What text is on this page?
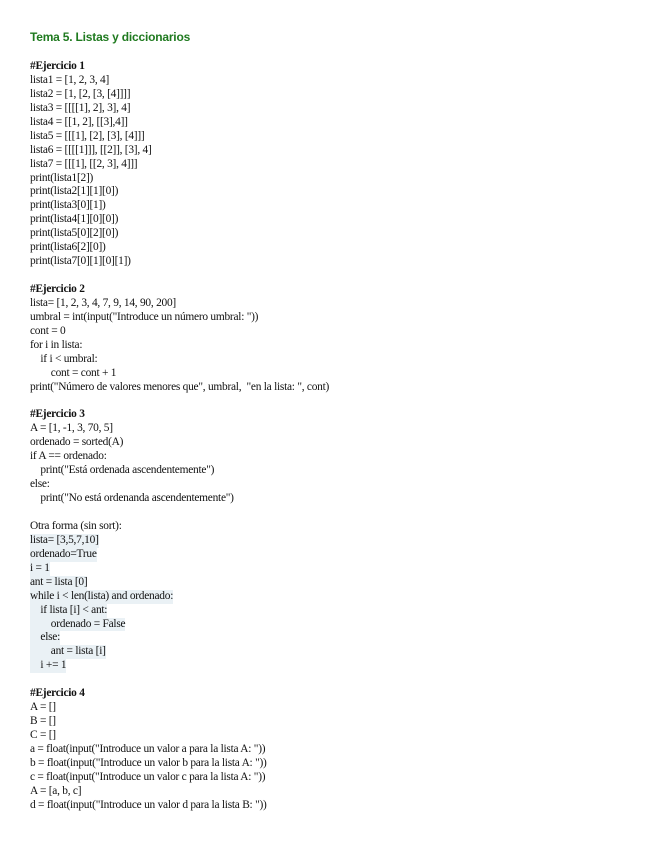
Tema 5. Listas y diccionarios
#Ejercicio 1
lista1 = [1, 2, 3, 4]
lista2 = [1, [2, [3, [4]]]]
lista3 = [[[[1], 2], 3], 4]
lista4 = [[1, 2], [[3],4]]
lista5 = [[[1], [2], [3], [4]]]
lista6 = [[[[1]]], [[2]], [3], 4]
lista7 = [[[1], [[2, 3], 4]]]
print(lista1[2])
print(lista2[1][1][0])
print(lista3[0][1])
print(lista4[1][0][0])
print(lista5[0][2][0])
print(lista6[2][0])
print(lista7[0][1][0][1])
#Ejercicio 2
lista= [1, 2, 3, 4, 7, 9, 14, 90, 200]
umbral = int(input("Introduce un número umbral: "))
cont = 0
for i in lista:
if i < umbral:
cont = cont + 1
print("Número de valores menores que", umbral,  "en la lista: ", cont)
#Ejercicio 3
A = [1, -1, 3, 70, 5]
ordenado = sorted(A)
if A == ordenado:
print("Está ordenada ascendentemente")
else:
print("No está ordenanda ascendentemente")
Otra forma (sin sort):
lista= [3,5,7,10]
ordenado=True
i = 1
ant = lista [0]
while i < len(lista) and ordenado:
if lista [i] < ant:
ordenado = False
else:
ant = lista [i]
i += 1
#Ejercicio 4
A = []
B = []
C = []
a = float(input("Introduce un valor a para la lista A: "))
b = float(input("Introduce un valor b para la lista A: "))
c = float(input("Introduce un valor c para la lista A: "))
A = [a, b, c]
d = float(input("Introduce un valor d para la lista B: "))
